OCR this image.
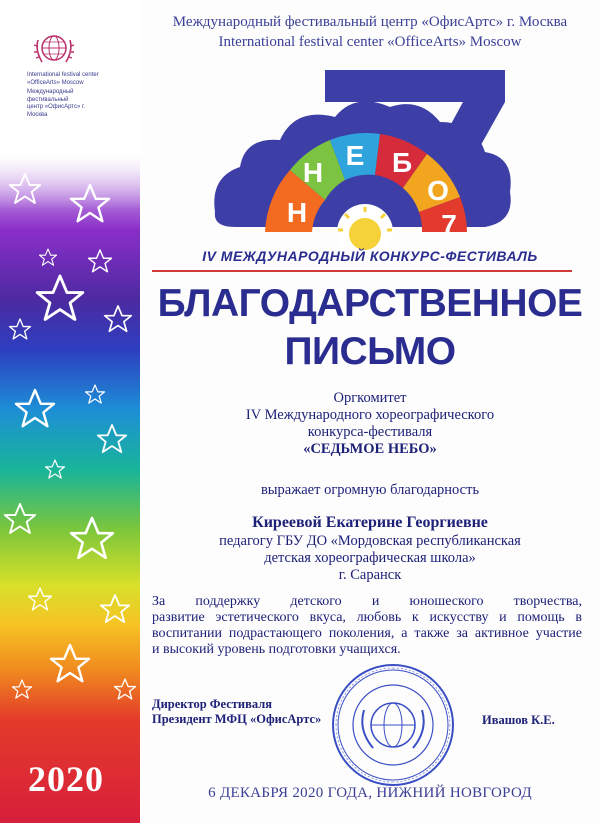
International festival center
«OfficeArts» Moscow
Международный фестивальный
центр «ОфисАртс» г. Москва
Международный фестивальный центр «ОфисАртс» г. Москва
International festival center «OfficeArts» Moscow
Н
Н
Е Б
О
7
IV МЕЖДУНАРОДНЫЙ КОНКУРС-ФЕСТИВАЛЬ
БЛАГОДАРСТВЕННОЕ
ПИСЬМО
Оргкомитет
IV Международного хореографического
конкурса-фестиваля
«СЕДЬМОЕ НЕБО»
выражает огромную благодарность
Киреевой Екатерине Георгиевне
педагогу ГБУ ДО «Мордовская республиканская
детская хореографическая школа»
г. Саранск
За поддержку детского и юношеского творчества,
развитие эстетического вкуса, любовь к искусству и помощь в
воспитании подрастающего поколения, а также за активное участие
и высокий уровень подготовки учащихся.
Директор Фестиваля
Президент МФЦ «ОфисАртс»	Ивашов К.Е.
2020	6 ДЕКАБРЯ 2020 ГОДА, НИЖНИЙ НОВГОРОД
